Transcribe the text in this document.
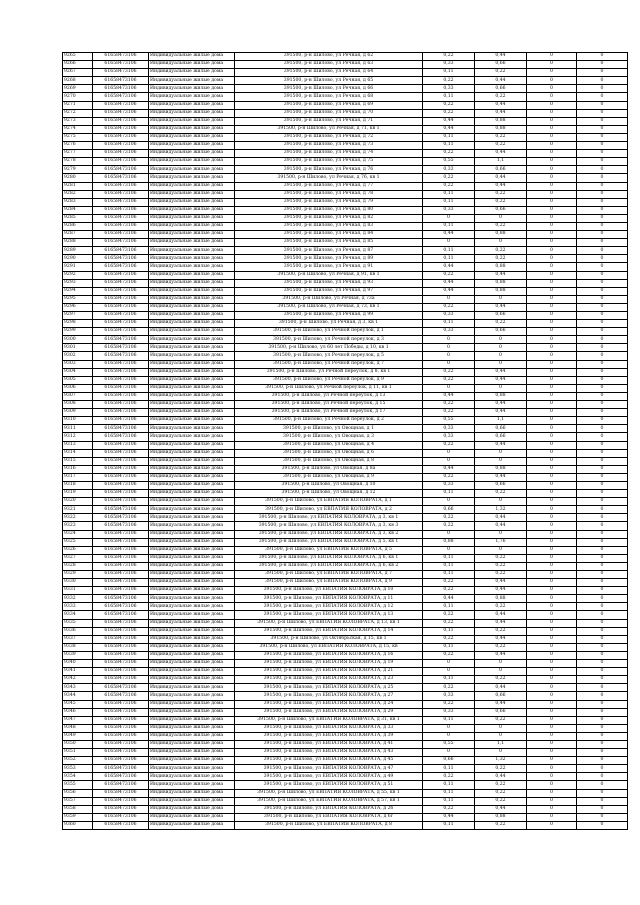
9265	61658473106	Индивидуальные жилые дома	391500, р-н Шиловo, ул Речная, д 62	0,22	0,44	0	0
9266	61658473106	Индивидуальные жилые дома	391500, р-н Шиловo, ул Речная, д 63	0,33	0,66	0	0
9267	61658473106	Индивидуальные жилые дома	391500, р-н Шиловo, ул Речная, д 64	0,11	0,22	0	0
9268	61658473106	Индивидуальные жилые дома	391500, р-н Шиловo, ул Речная, д 65	0,22	0,44	0	0
9269	61658473106	Индивидуальные жилые дома	391500, р-н Шиловo, ул Речная, д 66	0,33	0,66	0	0
9270	61658473106	Индивидуальные жилые дома	391500, р-н Шиловo, ул Речная, д 68	0,11	0,22	0	0
9271	61658473106	Индивидуальные жилые дома	391500, р-н Шиловo, ул Речная, д 69	0,22	0,44	0	0
9272	61658473106	Индивидуальные жилые дома	391500, р-н Шиловo, ул Речная, д 70	0,22	0,44	0	0
9273	61658473106	Индивидуальные жилые дома	391500, р-н Шиловo, ул Речная, д 71	0,44	0,88	0	0
9274	61658473106	Индивидуальные жилые дома	391500, р-н Шиловo, ул Речная, д 71, кв 1	0,44	0,88	0	0
9275	61658473106	Индивидуальные жилые дома	391500, р-н Шиловo, ул Речная, д 72	0,11	0,22	0	0
9276	61658473106	Индивидуальные жилые дома	391500, р-н Шиловo, ул Речная, д 73	0,11	0,22	0	0
9277	61658473106	Индивидуальные жилые дома	391500, р-н Шиловo, ул Речная, д 74	0,22	0,44	0	0
9278	61658473106	Индивидуальные жилые дома	391500, р-н Шиловo, ул Речная, д 75	0,55	1,1	0	0
9279	61658473106	Индивидуальные жилые дома	391500, р-н Шиловo, ул Речная, д 76	0,33	0,66	0	0
9280	61658473106	Индивидуальные жилые дома	391500, р-н Шиловo, ул Речная, д 76, кв 1	0,22	0,44	0	0
9281	61658473106	Индивидуальные жилые дома	391500, р-н Шиловo, ул Речная, д 77	0,22	0,44	0	0
9282	61658473106	Индивидуальные жилые дома	391500, р-н Шиловo, ул Речная, д 78	0,11	0,22	0	0
9283	61658473106	Индивидуальные жилые дома	391500, р-н Шиловo, ул Речная, д 79	0,11	0,22	0	0
9284	61658473106	Индивидуальные жилые дома	391500, р-н Шиловo, ул Речная, д 80	0,33	0,66	0	0
9285	61658473106	Индивидуальные жилые дома	391500, р-н Шиловo, ул Речная, д 82	0	0	0	0
9286	61658473106	Индивидуальные жилые дома	391500, р-н Шиловo, ул Речная, д 83	0,11	0,22	0	0
9287	61658473106	Индивидуальные жилые дома	391500, р-н Шиловo, ул Речная, д 84	0,44	0,88	0	0
9288	61658473106	Индивидуальные жилые дома	391500, р-н Шиловo, ул Речная, д 85	0	0	0	0
9289	61658473106	Индивидуальные жилые дома	391500, р-н Шиловo, ул Речная, д 87	0,11	0,22	0	0
9290	61658473106	Индивидуальные жилые дома	391500, р-н Шиловo, ул Речная, д 89	0,11	0,22	0	0
9291	61658473106	Индивидуальные жилые дома	391500, р-н Шиловo, ул Речная, д 91	0,44	0,88	0	0
9292	61658473106	Индивидуальные жилые дома	391500, р-н Шиловo, ул Речная, д 91, кв 1	0,22	0,44	0	0
9293	61658473106	Индивидуальные жилые дома	391500, р-н Шиловo, ул Речная, д 93	0,44	0,88	0	0
9294	61658473106	Индивидуальные жилые дома	391500, р-н Шиловo, ул Речная, д 97	0,44	0,88	0	0
9295	61658473106	Индивидуальные жилые дома	391500, р-н Шиловo, ул Речная, д 73а	0	0	0	0
9296	61658473106	Индивидуальные жилые дома	391500, р-н Шиловo, ул Речная, д 73, кв 1	0,22	0,44	0	0
9297	61658473106	Индивидуальные жилые дома	391500, р-н Шиловo, ул Речная, д 99	0,33	0,66	0	0
9298	61658473106	Индивидуальные жилые дома	391500, р-н Шиловo, ул Речная, д 3, кв 1	0,11	0,22	0	0
9299	61658473106	Индивидуальные жилые дома	391500, р-н Шиловo, ул Речной переулок, д 1	0,33	0,66	0	0
9300	61658473106	Индивидуальные жилые дома	391500, р-н Шиловo, ул Речной переулок, д 3	0	0	0	0
9301	61658473106	Индивидуальные жилые дома	391500, р-н Шиловo, ул 60 лет Победы, д 10, кв 1	0	0	0	0
9302	61658473106	Индивидуальные жилые дома	391500, р-н Шиловo, ул Речной переулок, д 5	0	0	0	0
9303	61658473106	Индивидуальные жилые дома	391500, р-н Шиловo, ул Речной переулок, д 7	0	0	0	0
9304	61658473106	Индивидуальные жилые дома	391500, р-н Шиловo, ул Речной переулок, д 8, кв 1	0,22	0,44	0	0
9305	61658473106	Индивидуальные жилые дома	391500, р-н Шиловo, ул Речной переулок, д 9	0,22	0,44	0	0
9306	61658473106	Индивидуальные жилые дома	391500, р-н Шиловo, ул Речной переулок, д 11, кв 1	0	0	0	0
9307	61658473106	Индивидуальные жилые дома	391500, р-н Шиловo, ул Речной переулок, д 13	0,44	0,88	0	0
9308	61658473106	Индивидуальные жилые дома	391500, р-н Шиловo, ул Речной переулок, д 15	0,22	0,44	0	0
9309	61658473106	Индивидуальные жилые дома	391500, р-н Шиловo, ул Речной переулок, д 17	0,22	0,44	0	0
9310	61658473106	Индивидуальные жилые дома	391500, р-н Шиловo, ул Речной переулок, д 2	0,55	1,1	0	0
9311	61658473106	Индивидуальные жилые дома	391500, р-н Шиловo, ул Овощная, д 1	0,33	0,66	0	0
9312	61658473106	Индивидуальные жилые дома	391500, р-н Шиловo, ул Овощная, д 3	0,33	0,66	0	0
9313	61658473106	Индивидуальные жилые дома	391500, р-н Шиловo, ул Овощная, д 4	0,22	0,44	0	0
9314	61658473106	Индивидуальные жилые дома	391500, р-н Шиловo, ул Овощная, д 6	0	0	0	0
9315	61658473106	Индивидуальные жилые дома	391500, р-н Шиловo, ул Овощная, д 8	0	0	0	0
9316	61658473106	Индивидуальные жилые дома	391500, р-н Шиловo, ул Овощная, д 8а	0,44	0,88	0	0
9317	61658473106	Индивидуальные жилые дома	391500, р-н Шиловo, ул Овощная, д 9	0,22	0,44	0	0
9318	61658473106	Индивидуальные жилые дома	391500, р-н Шиловo, ул Овощная, д 10	0,33	0,66	0	0
9319	61658473106	Индивидуальные жилые дома	391500, р-н Шиловo, ул Овощная, д 12	0,11	0,22	0	0
9320	61658473106	Индивидуальные жилые дома	391500, р-н Шиловo, ул ЕВПАТИЯ КОЛОВРАТА, д 1	0	0	0	0
9321	61658473106	Индивидуальные жилые дома	391500, р-н Шиловo, ул ЕВПАТИЯ КОЛОВРАТА, д 2	0,66	1,32	0	0
9322	61658473106	Индивидуальные жилые дома	391500, р-н Шиловo, ул ЕВПАТИЯ КОЛОВРАТА, д 3, кв 1	0,22	0,44	0	0
9323	61658473106	Индивидуальные жилые дома	391500, р-н Шиловo, ул ЕВПАТИЯ КОЛОВРАТА, д 3, кв 3	0,22	0,44	0	0
9324	61658473106	Индивидуальные жилые дома	391500, р-н Шиловo, ул ЕВПАТИЯ КОЛОВРАТА, д 3, кв 2	0	0	0	0
9325	61658473106	Индивидуальные жилые дома	391500, р-н Шиловo, ул ЕВПАТИЯ КОЛОВРАТА, д 5, кв 1	0,88	1,76	0	0
9326	61658473106	Индивидуальные жилые дома	391500, р-н Шиловo, ул ЕВПАТИЯ КОЛОВРАТА, д 5	0	0	0	0
9327	61658473106	Индивидуальные жилые дома	391500, р-н Шиловo, ул ЕВПАТИЯ КОЛОВРАТА, д 6, кв 1	0,11	0,22	0	0
9328	61658473106	Индивидуальные жилые дома	391500, р-н Шиловo, ул ЕВПАТИЯ КОЛОВРАТА, д 6, кв 2	0,11	0,22	0	0
9329	61658473106	Индивидуальные жилые дома	391500, р-н Шиловo, ул ЕВПАТИЯ КОЛОВРАТА, д 7	0,11	0,22	0	0
9330	61658473106	Индивидуальные жилые дома	391500, р-н Шиловo, ул ЕВПАТИЯ КОЛОВРАТА, д 9	0,22	0,44	0	0
9331	61658473106	Индивидуальные жилые дома	391500, р-н Шиловo, ул ЕВПАТИЯ КОЛОВРАТА, д 10	0,22	0,44	0	0
9332	61658473106	Индивидуальные жилые дома	391500, р-н Шиловo, ул ЕВПАТИЯ КОЛОВРАТА, д 11	0,44	0,88	0	0
9333	61658473106	Индивидуальные жилые дома	391500, р-н Шиловo, ул ЕВПАТИЯ КОЛОВРАТА, д 12	0,11	0,22	0	0
9334	61658473106	Индивидуальные жилые дома	391500, р-н Шиловo, ул ЕВПАТИЯ КОЛОВРАТА, д 13	0,22	0,44	0	0
9335	61658473106	Индивидуальные жилые дома	391500, р-н Шиловo, ул ЕВПАТИЯ КОЛОВРАТА, д 13, кв 1	0,22	0,44	0	0
9336	61658473106	Индивидуальные жилые дома	391500, р-н Шиловo, ул ЕВПАТИЯ КОЛОВРАТА, д 14	0,11	0,22	0	0
9337	61658473106	Индивидуальные жилые дома	391500, р-н Шиловo, ул Октябрьская, д 15, кв 1	0,22	0,44	0	0
9338	61658473106	Индивидуальные жилые дома	391500, р-н Шиловo, ул ЕВПАТИЯ КОЛОВРАТА, д 15, кв	0,11	0,22	0	0
9339	61658473106	Индивидуальные жилые дома	391500, р-н Шиловo, ул ЕВПАТИЯ КОЛОВРАТА, д 16	0,22	0,44	0	0
9340	61658473106	Индивидуальные жилые дома	391500, р-н Шиловo, ул ЕВПАТИЯ КОЛОВРАТА, д 19	0	0	0	0
9341	61658473106	Индивидуальные жилые дома	391500, р-н Шиловo, ул ЕВПАТИЯ КОЛОВРАТА, д 21	0	0	0	0
9342	61658473106	Индивидуальные жилые дома	391500, р-н Шиловo, ул ЕВПАТИЯ КОЛОВРАТА, д 23	0,11	0,22	0	0
9343	61658473106	Индивидуальные жилые дома	391500, р-н Шиловo, ул ЕВПАТИЯ КОЛОВРАТА, д 25	0,22	0,44	0	0
9344	61658473106	Индивидуальные жилые дома	391500, р-н Шиловo, ул ЕВПАТИЯ КОЛОВРАТА, д 27	0,33	0,66	0	0
9345	61658473106	Индивидуальные жилые дома	391500, р-н Шиловo, ул ЕВПАТИЯ КОЛОВРАТА, д 24	0,22	0,44	0	0
9346	61658473106	Индивидуальные жилые дома	391500, р-н Шиловo, ул ЕВПАТИЯ КОЛОВРАТА, д 29	0,33	0,66	0	0
9347	61658473106	Индивидуальные жилые дома	391500, р-н Шиловo, ул ЕВПАТИЯ КОЛОВРАТА, д 31, кв 1	0,11	0,22	0	0
9348	61658473106	Индивидуальные жилые дома	391500, р-н Шиловo, ул ЕВПАТИЯ КОЛОВРАТА, д 33	0	0	0	0
9349	61658473106	Индивидуальные жилые дома	391500, р-н Шиловo, ул ЕВПАТИЯ КОЛОВРАТА, д 39	0	0	0	0
9350	61658473106	Индивидуальные жилые дома	391500, р-н Шиловo, ул ЕВПАТИЯ КОЛОВРАТА, д 41	0,55	1,1	0	0
9351	61658473106	Индивидуальные жилые дома	391500, р-н Шиловo, ул ЕВПАТИЯ КОЛОВРАТА, д 43	0	0	0	0
9352	61658473106	Индивидуальные жилые дома	391500, р-н Шиловo, ул ЕВПАТИЯ КОЛОВРАТА, д 45	0,66	1,32	0	0
9353	61658473106	Индивидуальные жилые дома	391500, р-н Шиловo, ул ЕВПАТИЯ КОЛОВРАТА, д 47	0,11	0,22	0	0
9354	61658473106	Индивидуальные жилые дома	391500, р-н Шиловo, ул ЕВПАТИЯ КОЛОВРАТА, д 49	0,22	0,44	0	0
9355	61658473106	Индивидуальные жилые дома	391500, р-н Шиловo, ул ЕВПАТИЯ КОЛОВРАТА, д 51	0,11	0,22	0	0
9356	61658473106	Индивидуальные жилые дома	391500, р-н Шиловo, ул ЕВПАТИЯ КОЛОВРАТА, д 55, кв 1	0,11	0,22	0	0
9357	61658473106	Индивидуальные жилые дома	391500, р-н Шиловo, ул ЕВПАТИЯ КОЛОВРАТА, д 57, кв 1	0,11	0,22	0	0
9358	61658473106	Индивидуальные жилые дома	391500, р-н Шиловo, ул ЕВПАТИЯ КОЛОВРАТА, д 2б	0,22	0,44	0	0
9359	61658473106	Индивидуальные жилые дома	391500, р-н Шиловo, ул ЕВПАТИЯ КОЛОВРАТА, д 6г	0,44	0,88	0	0
9360	61658473106	Индивидуальные жилые дома	391500, р-н Шиловo, ул ЕВПАТИЯ КОЛОВРАТА, д 8	0,11	0,22	0	0
